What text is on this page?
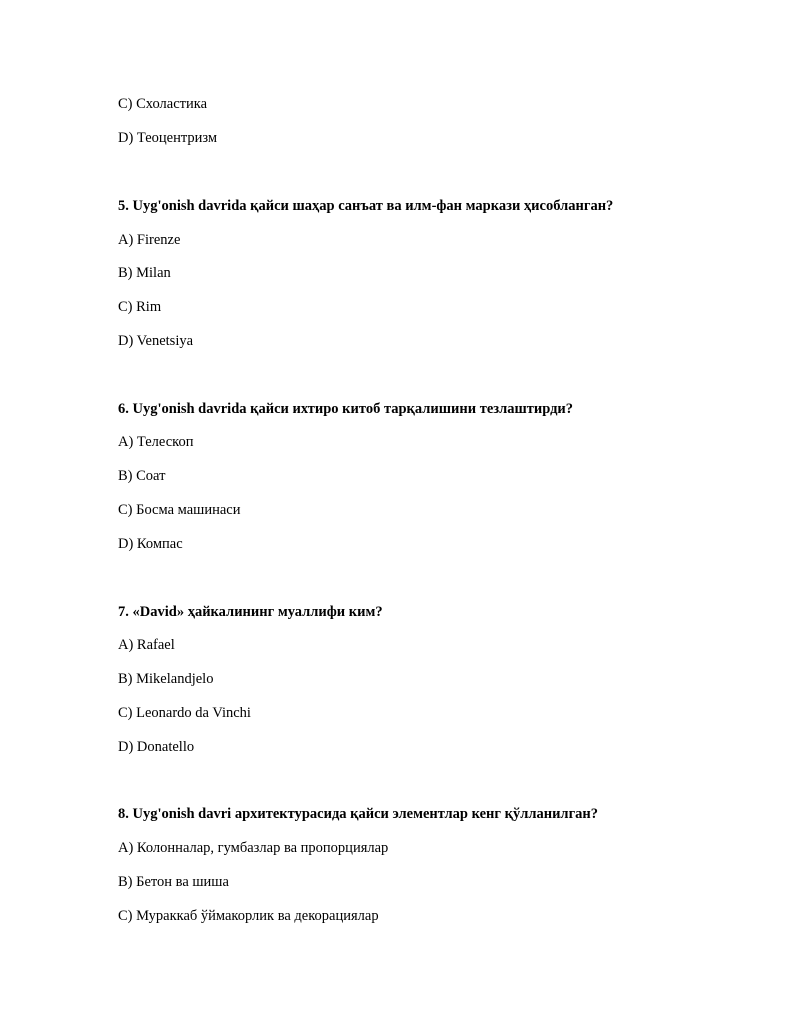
C) Схоластика
D) Теоцентризм
5. Uyg'onish davrida қайси шаҳар санъат ва илм-фан маркази ҳисобланган?
A) Firenze
B) Milan
C) Rim
D) Venetsiya
6. Uyg'onish davrida қайси ихтиро китоб тарқалишини тезлаштирди?
A) Телескоп
B) Соат
C) Босма машинаси
D) Компас
7. «David» ҳайкалининг муаллифи ким?
A) Rafael
B) Mikelandjelo
C) Leonardo da Vinchi
D) Donatello
8. Uyg'onish davri архитектурасида қайси элементлар кенг қўлланилган?
A) Колонналар, гумбазлар ва пропорциялар
B) Бетон ва шиша
C) Мураккаб ўймакорлик ва декорациялар
